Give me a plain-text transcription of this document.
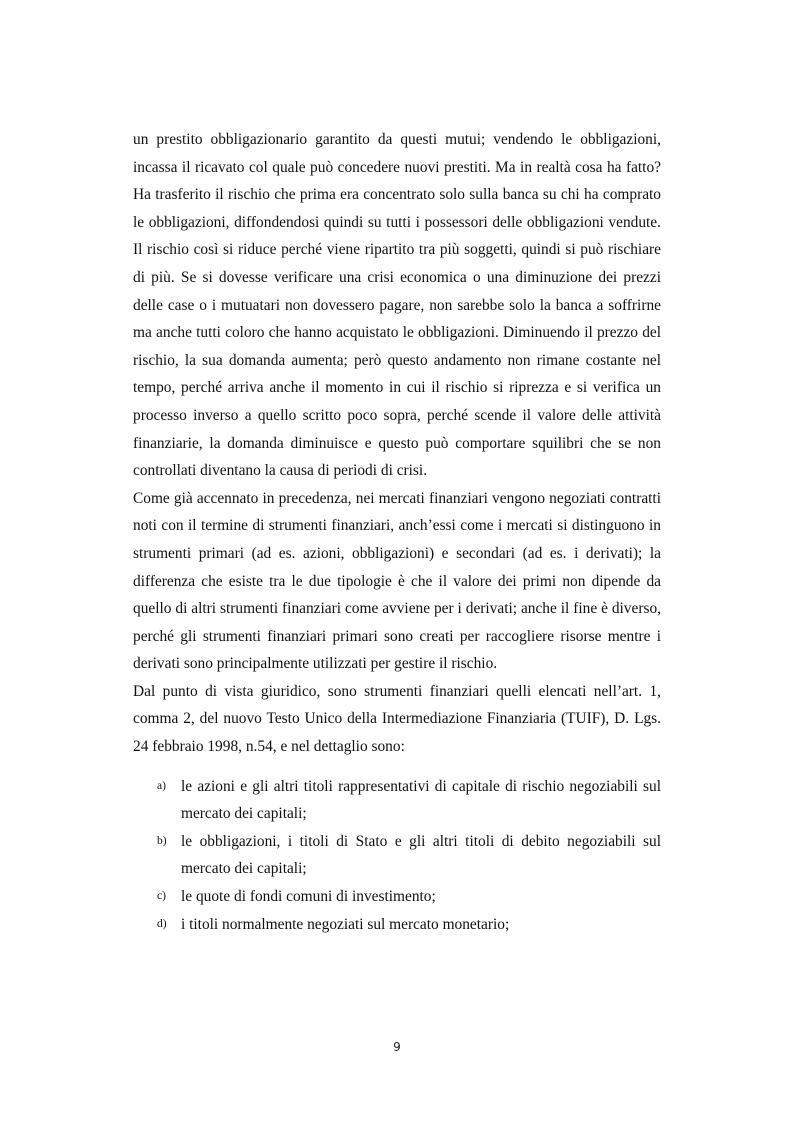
un prestito obbligazionario garantito da questi mutui; vendendo le obbligazioni, incassa il ricavato col quale può concedere nuovi prestiti. Ma in realtà cosa ha fatto? Ha trasferito il rischio che prima era concentrato solo sulla banca su chi ha comprato le obbligazioni, diffondendosi quindi su tutti i possessori delle obbligazioni vendute. Il rischio così si riduce perché viene ripartito tra più soggetti, quindi si può rischiare di più. Se si dovesse verificare una crisi economica o una diminuzione dei prezzi delle case o i mutuatari non dovessero pagare, non sarebbe solo la banca a soffrirne ma anche tutti coloro che hanno acquistato le obbligazioni. Diminuendo il prezzo del rischio, la sua domanda aumenta; però questo andamento non rimane costante nel tempo, perché arriva anche il momento in cui il rischio si riprezza e si verifica un processo inverso a quello scritto poco sopra, perché scende il valore delle attività finanziarie, la domanda diminuisce e questo può comportare squilibri che se non controllati diventano la causa di periodi di crisi.

Come già accennato in precedenza, nei mercati finanziari vengono negoziati contratti noti con il termine di strumenti finanziari, anch’essi come i mercati si distinguono in strumenti primari (ad es. azioni, obbligazioni) e secondari (ad es. i derivati); la differenza che esiste tra le due tipologie è che il valore dei primi non dipende da quello di altri strumenti finanziari come avviene per i derivati; anche il fine è diverso, perché gli strumenti finanziari primari sono creati per raccogliere risorse mentre i derivati sono principalmente utilizzati per gestire il rischio.

Dal punto di vista giuridico, sono strumenti finanziari quelli elencati nell’art. 1, comma 2, del nuovo Testo Unico della Intermediazione Finanziaria (TUIF), D. Lgs. 24 febbraio 1998, n.54, e nel dettaglio sono:

a) le azioni e gli altri titoli rappresentativi di capitale di rischio negoziabili sul mercato dei capitali;
b) le obbligazioni, i titoli di Stato e gli altri titoli di debito negoziabili sul mercato dei capitali;
c) le quote di fondi comuni di investimento;
d) i titoli normalmente negoziati sul mercato monetario;
9
